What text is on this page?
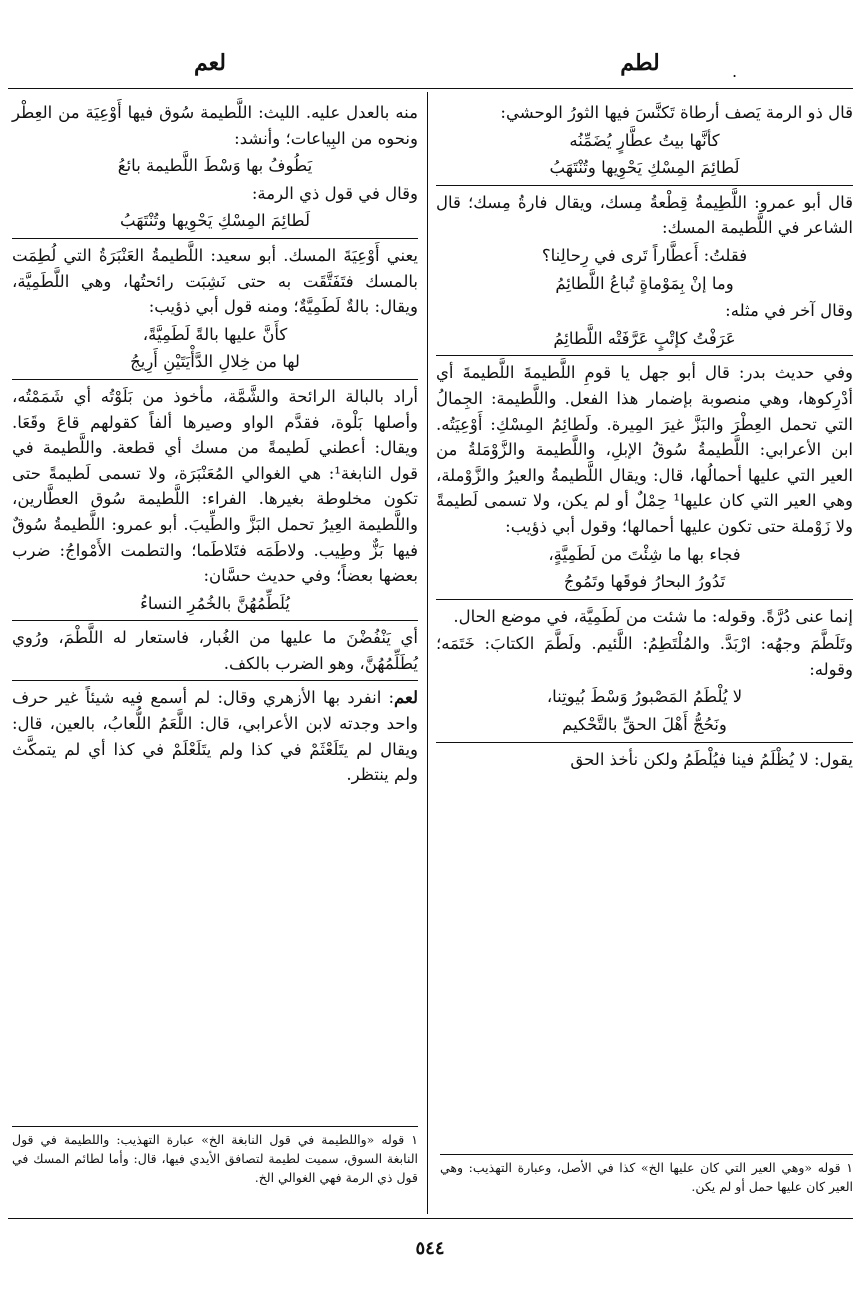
لطم	.
لعم

قال ذو الرمة يَصف أرطاة تَكنَّسَ فيها الثورُ الوحشي:

كأنَّها بيتُ عطَّارٍ يُضَمِّنُه
لَطائِمَ المِسْكِ يَحْوِيها وتُنْتَهَبُ

قال أبو عمرو: اللَّطِيمةُ قِطْعةُ مِسك، ويقال فارةُ مِسك؛ قال الشاعر في اللَّطيمة المسك:

فقلتُ: أَعطَّاراً تَرى في رِحالِنا؟
وما إنْ بِمَوْماةٍ تُباعُ اللَّطائِمُ

وقال آخر في مثله:

عَرَفْتُ كإتْبٍ عَرَّفَتْه اللَّطائِمُ

وفي حديث بدر: قال أبو جهل يا قومِ اللَّطيمةَ اللَّطيمةَ أي أدْرِكوها، وهي منصوبة بإضمار هذا الفعل. واللَّطيمة: الجِمالُ التي تحمل العِطْرَ والبَزَّ غيرَ المِيرة. ولَطائِمُ المِسْكِ: أَوْعِيَتُه. ابن الأعرابي: اللَّطيمةُ سُوقُ الإبلِ، واللَّطيمة والزَّوْمَلةُ من العير التي عليها أحمالُها، قال: ويقال اللَّطيمةُ والعيرُ والزَّوْملة، وهي العير التي كان عليها¹ حِمْلٌ أو لم يكن، ولا تسمى لَطيمةً ولا زَوْملة حتى تكون عليها أحمالها؛ وقول أبي ذؤيب:

فجاء بها ما شِئْتَ من لَطَمِيَّةٍ،
تَدُورُ البحارُ فوقَها وتَمُوجُ

إنما عنى دُرَّةً. وقوله: ما شئت من لَطَمِيَّة، في موضع الحال.

وتَلَطَّمَ وجهُه: ارْبَدَّ. والمُلْتَطِمُ: اللَّئيم. ولَطَّمَ الكتابَ: خَتَمَه؛ وقوله:

لا يُلْطَمُ المَصْبورُ وَسْطَ بُيوتِنا،
ونَحُجُّ أَهْلَ الحقِّ بالتَّحْكيم

يقول: لا يُظْلَمُ فينا فيُلْطَمُ ولكن نأخذ الحق

١ قوله «وهي العير التي كان عليها الخ» كذا في الأصل، وعبارة التهذيب: وهي العير كان عليها حمل أو لم يكن.

منه بالعدل عليه. الليث: اللَّطيمة سُوق فيها أَوْعِيَة من العِطْر ونحوه من البِياعات؛ وأنشد:

يَطُوفُ بها وَسْطَ اللَّطيمة بائعُ

وقال في قول ذي الرمة:

لَطائِمَ المِسْكِ يَحْوِيها وتُنْتَهَبُ

يعني أَوْعِيَةَ المسك. أبو سعيد: اللَّطيمةُ العَنْبَرَةُ التي لُطِمَت بالمسك فتَفَتَّقَت به حتى نَشِبَت رائحتُها، وهي اللَّطَمِيَّة، ويقال: بالةٌ لَطَمِيَّةٌ؛ ومنه قول أبي ذؤيب:

كأَنَّ عليها بالةً لَطَمِيَّةً،
لها من خِلالِ الدَّأْيَتَيْنِ أَرِيجُ

أراد بالبالة الرائحة والشَّمَّة، مأخوذ من بَلَوْتُه أي شَمَمْتُه، وأصلها بَلْوة، فقدَّم الواو وصيرها ألفاً كقولهم قاعَ وقَعَا. ويقال: أعطني لَطيمةً من مسك أي قطعة. واللَّطيمة في قول النابغة¹: هي الغوالي المُعَنْبَرَة، ولا تسمى لَطيمةً حتى تكون مخلوطة بغيرها. الفراء: اللَّطيمة سُوق العطَّارين، واللَّطيمة العِيرُ تحمل البَزَّ والطِّيبَ. أبو عمرو: اللَّطيمةُ سُوقٌ فيها بَزٌّ وطِيب. ولاطَمَه فتَلاطَما؛ والتطمت الأَمْواجُ: ضرب بعضها بعضاً؛ وفي حديث حسَّان:

يُلَطِّمُهُنَّ بالخُمُرِ النساءُ

أي يَنْفُضْنَ ما عليها من الغُبار، فاستعار له اللَّطْمَ، ورُوي يُطَلِّمُهُنَّ، وهو الضرب بالكف.

لعم: انفرد بها الأزهري وقال: لم أسمع فيه شيئاً غير حرف واحد وجدته لابن الأعرابي، قال: اللَّعَمُ اللُّعابُ، بالعين، قال: ويقال لم يتَلَعْثَمْ في كذا ولم يتَلَعْلَمْ في كذا أي لم يتمكَّث ولم ينتظر.

١ قوله «واللطيمة في قول النابغة الخ» عبارة التهذيب: واللطيمة في قول النابغة السوق، سميت لطيمة لتصافق الأيدي فيها، قال: وأما لطائم المسك في قول ذي الرمة فهي الغوالي الخ.
٥٤٤
